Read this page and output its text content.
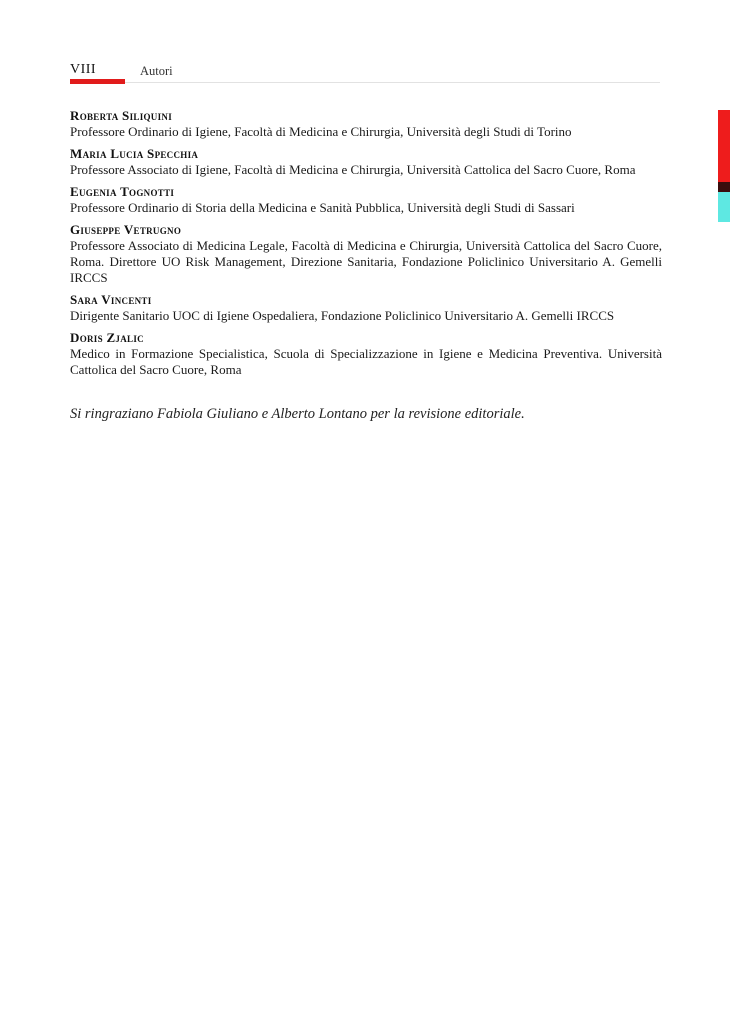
VIII	Autori
Roberta Siliquini
Professore Ordinario di Igiene, Facoltà di Medicina e Chirurgia, Università degli Studi di Torino
Maria Lucia Specchia
Professore Associato di Igiene, Facoltà di Medicina e Chirurgia, Università Cattolica del Sacro Cuore, Roma
Eugenia Tognotti
Professore Ordinario di Storia della Medicina e Sanità Pubblica, Università degli Studi di Sassari
Giuseppe Vetrugno
Professore Associato di Medicina Legale, Facoltà di Medicina e Chirurgia, Università Cattolica del Sacro Cuore, Roma. Direttore UO Risk Management, Direzione Sanitaria, Fondazione Policlinico Universitario A. Gemelli IRCCS
Sara Vincenti
Dirigente Sanitario UOC di Igiene Ospedaliera, Fondazione Policlinico Universitario A. Gemelli IRCCS
Doris Zjalic
Medico in Formazione Specialistica, Scuola di Specializzazione in Igiene e Medicina Preventiva. Università Cattolica del Sacro Cuore, Roma

Si ringraziano Fabiola Giuliano e Alberto Lontano per la revisione editoriale.
